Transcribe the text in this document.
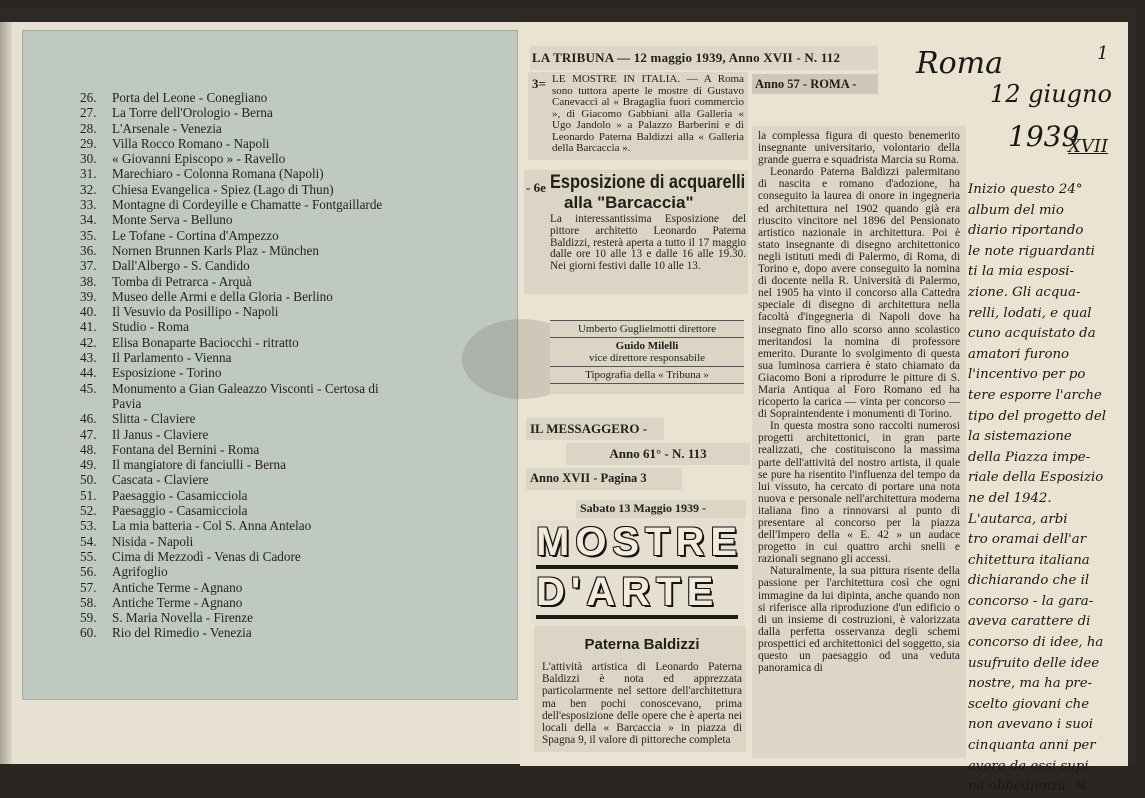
26.	Porta del Leone - Conegliano
27.	La Torre dell'Orologio - Berna
28.	L'Arsenale - Venezia
29.	Villa Rocco Romano - Napoli
30.	« Giovanni Episcopo » - Ravello
31.	Marechiaro - Colonna Romana (Napoli)
32.	Chiesa Evangelica - Spiez (Lago di Thun)
33.	Montagne di Cordeyille e Chamatte - Fontgaillarde
34.	Monte Serva - Belluno
35.	Le Tofane - Cortina d'Ampezzo
36.	Nornen Brunnen Karls Plaz - München
37.	Dall'Albergo - S. Candido
38.	Tomba di Petrarca - Arquà
39.	Museo delle Armi e della Gloria - Berlino
40.	Il Vesuvio da Posillipo - Napoli
41.	Studio - Roma
42.	Elisa Bonaparte Baciocchi - ritratto
43.	Il Parlamento - Vienna
44.	Esposizione - Torino
45.	Monumento a Gian Galeazzo Visconti - Certosa di
Pavia
46.	Slitta - Claviere
47.	Il Janus - Claviere
48.	Fontana del Bernini - Roma
49.	Il mangiatore di fanciulli - Berna
50.	Cascata - Claviere
51.	Paesaggio - Casamicciola
52.	Paesaggio - Casamicciola
53.	La mia batteria - Col S. Anna Antelao
54.	Nisida - Napoli
55.	Cima di Mezzodì - Venas di Cadore
56.	Agrifoglio
57.	Antiche Terme - Agnano
58.	Antiche Terme - Agnano
59.	S. Maria Novella - Firenze
60.	Rio del Rimedio - Venezia
LA TRIBUNA — 12 maggio 1939, Anno XVII - N. 112
Anno 57 - ROMA -
3= LE MOSTRE IN ITALIA. — A Roma sono tuttora aperte le mostre di Gustavo Canevacci al « Bragaglia fuori commercio », di Giacomo Gabbiani alla Galleria « Ugo Jandolo » a Palazzo Barberini e di Leonardo Paterna Baldizzi alla « Galleria della Barcaccia ».
- 6e Esposizione di acquarelli
alla "Barcaccia"
La interessantissima Esposizione del pittore architetto Leonardo Paterna Baldizzi, resterà aperta a tutto il 17 maggio dalle ore 10 alle 13 e dalle 16 alle 19.30. Nei giorni festivi dalle 10 alle 13.
Umberto Guglielmotti direttore
Guido Milelli
vice direttore responsabile
Tipografia della « Tribuna »
IL MESSAGGERO -
Anno 61° - N. 113
Anno XVII - Pagina 3
Sabato 13 Maggio 1939 -
MOSTRE
D'ARTE
Paterna Baldizzi
L'attività artistica di Leonardo Paterna Baldizzi è nota ed apprezzata particolarmente nel settore dell'architettura ma ben pochi conoscevano, prima dell'esposizione delle opere che è aperta nei locali della « Barcaccia » in piazza di Spagna 9, il valore di pittoreche completa

la complessa figura di questo benemerito insegnante universitario, volontario della grande guerra e squadrista Marcia su Roma.

Leonardo Paterna Baldizzi palermitano di nascita e romano d'adozione, ha conseguito la laurea di onore in ingegneria ed architettura nel 1902 quando già era riuscito vincitore nel 1896 del Pensionato artistico nazionale in architettura. Poi è stato insegnante di disegno architettonico negli istituti medi di Palermo, di Roma, di Torino e, dopo avere conseguito la nomina di docente nella R. Università di Palermo, nel 1905 ha vinto il concorso alla Cattedra speciale di disegno di architettura nella facoltà d'ingegneria di Napoli dove ha insegnato fino allo scorso anno scolastico meritandosi la nomina di professore emerito. Durante lo svolgimento di questa sua luminosa carriera è stato chiamato da Giacomo Boni a riprodurre le pitture di S. Maria Antiqua al Foro Romano ed ha ricoperto la carica — vinta per concorso — di Sopraintendente i monumenti di Torino.

In questa mostra sono raccolti numerosi progetti architettonici, in gran parte realizzati, che costituiscono la massima parte dell'attività del nostro artista, il quale se pure ha risentito l'influenza del tempo da lui vissuto, ha cercato di portare una nota nuova e personale nell'architettura moderna italiana fino a rinnovarsi al punto di presentare al concorso per la piazza dell'Impero della « E. 42 » un audace progetto in cui quattro archi snelli e razionali segnano gli accessi.

Naturalmente, la sua pittura risente della passione per l'architettura così che ogni immagine da lui dipinta, anche quando non si riferisce alla riproduzione d'un edificio o di un insieme di costruzioni, è valorizzata dalla perfetta osservanza degli schemi prospettici ed architettonici del soggetto, sia questo un paesaggio od una veduta panoramica di

Roma	1
12 giugno
1939
XVII
Inizio questo 24°
album del mio
diario riportando
le note riguardanti
ti la mia esposi-
zione. Gli acqua-
relli, lodati, e qual
cuno acquistato da
amatori furono
l'incentivo per po
tere esporre l'arche
tipo del progetto del
la sistemazione
della Piazza impe-
riale della Esposizio
ne del 1942.
L'autarca, arbi
tro oramai dell'ar
chitettura italiana
dichiarando che il
concorso - la gara-
aveva carattere di
concorso di idee, ha
usufruito delle idee
nostre, ma ha pre-
scelto giovani che
non avevano i suoi
cinquanta anni per
avere da essi supi-
na obbedienza. %
